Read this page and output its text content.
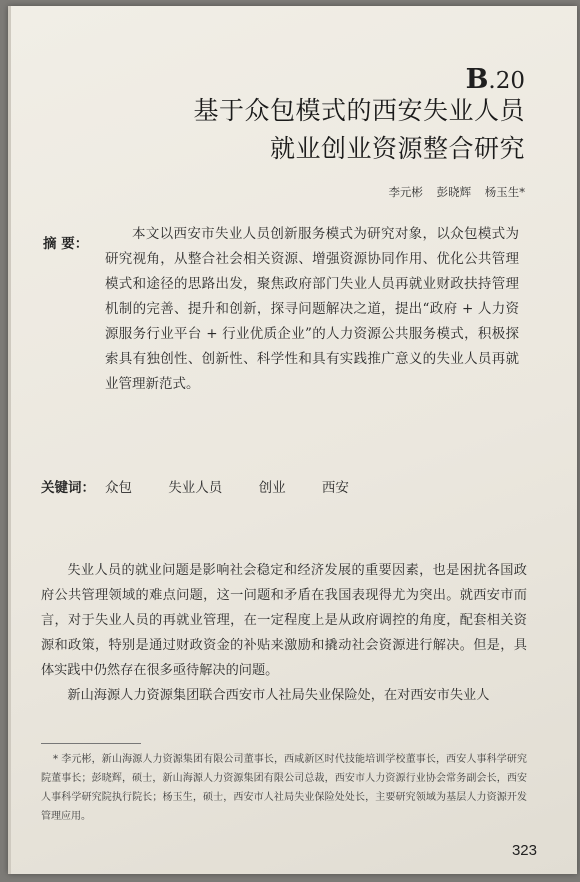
B.20
基于众包模式的西安失业人员
就业创业资源整合研究
李元彬 彭晓辉 杨玉生*
摘 要：

本文以西安市失业人员创新服务模式为研究对象，以众包模式为研究视角，从整合社会相关资源、增强资源协同作用、优化公共管理模式和途径的思路出发，聚焦政府部门失业人员再就业财政扶持管理机制的完善、提升和创新，探寻问题解决之道，提出“政府 + 人力资源服务行业平台 + 行业优质企业”的人力资源公共服务模式，积极探索具有独创性、创新性、科学性和具有实践推广意义的失业人员再就业管理新范式。

关键词： 众包	失业人员	创业	西安

失业人员的就业问题是影响社会稳定和经济发展的重要因素，也是困扰各国政府公共管理领域的难点问题，这一问题和矛盾在我国表现得尤为突出。就西安市而言，对于失业人员的再就业管理，在一定程度上是从政府调控的角度，配套相关资源和政策，特别是通过财政资金的补贴来激励和撬动社会资源进行解决。但是，具体实践中仍然存在很多亟待解决的问题。

新山海源人力资源集团联合西安市人社局失业保险处，在对西安市失业人

* 李元彬，新山海源人力资源集团有限公司董事长，西咸新区时代技能培训学校董事长，西安人事科学研究院董事长；彭晓辉，硕士，新山海源人力资源集团有限公司总裁，西安市人力资源行业协会常务副会长，西安人事科学研究院执行院长；杨玉生，硕士，西安市人社局失业保险处处长，主要研究领域为基层人力资源开发管理应用。

323
